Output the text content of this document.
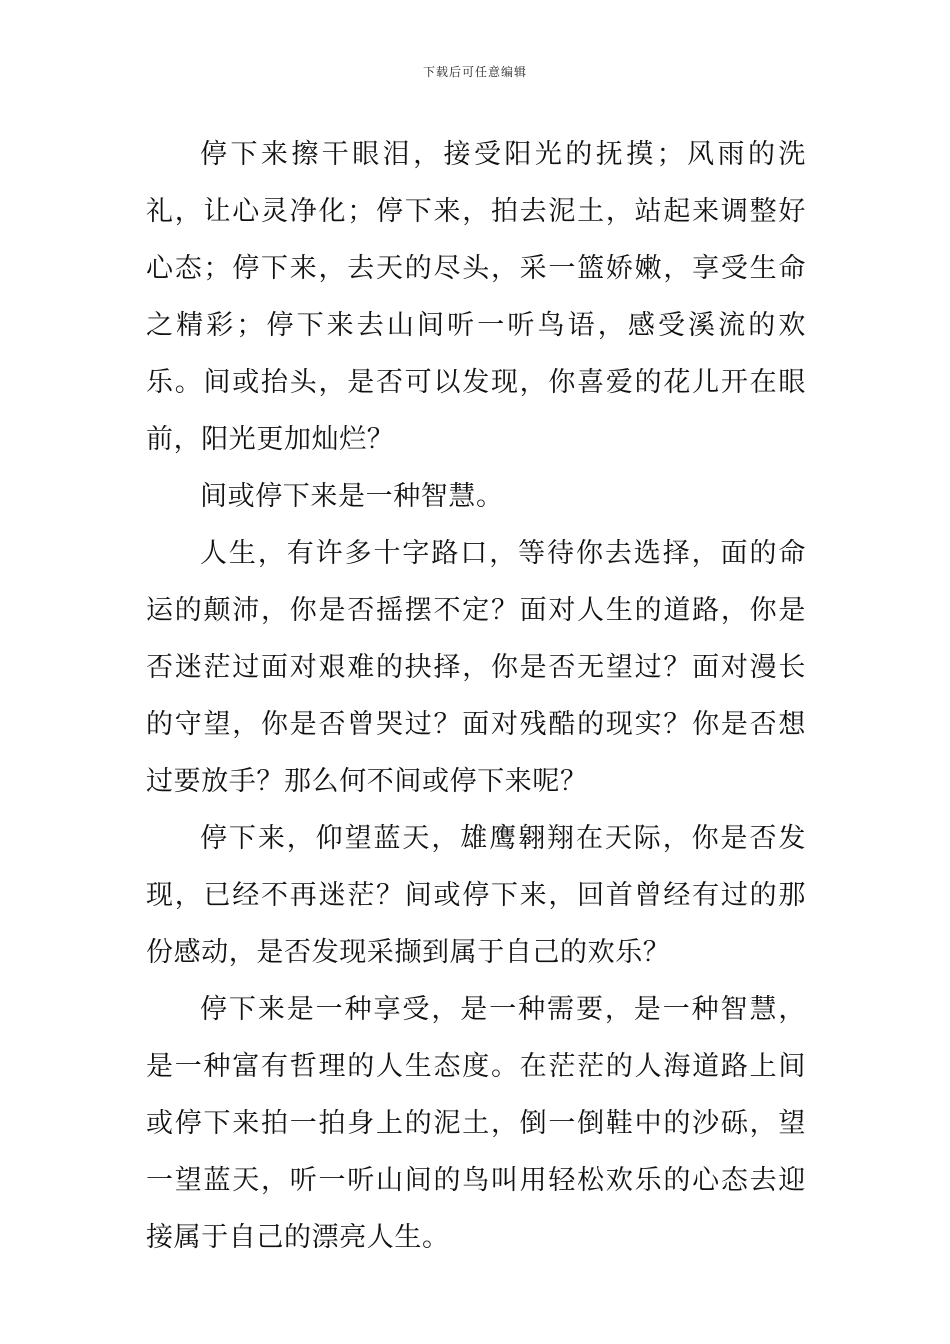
下载后可任意编辑

停下来擦干眼泪，接受阳光的抚摸；风雨的洗礼，让心灵净化；停下来，拍去泥土，站起来调整好心态；停下来，去天的尽头，采一篮娇嫩，享受生命之精彩；停下来去山间听一听鸟语，感受溪流的欢乐。间或抬头，是否可以发现，你喜爱的花儿开在眼前，阳光更加灿烂？

间或停下来是一种智慧。

人生，有许多十字路口，等待你去选择，面的命运的颠沛，你是否摇摆不定？面对人生的道路，你是否迷茫过面对艰难的抉择，你是否无望过？面对漫长的守望，你是否曾哭过？面对残酷的现实？你是否想过要放手？那么何不间或停下来呢？

停下来，仰望蓝天，雄鹰翱翔在天际，你是否发现，已经不再迷茫？间或停下来，回首曾经有过的那份感动，是否发现采撷到属于自己的欢乐？

停下来是一种享受，是一种需要，是一种智慧，是一种富有哲理的人生态度。在茫茫的人海道路上间或停下来拍一拍身上的泥土，倒一倒鞋中的沙砾，望一望蓝天，听一听山间的鸟叫用轻松欢乐的心态去迎接属于自己的漂亮人生。
